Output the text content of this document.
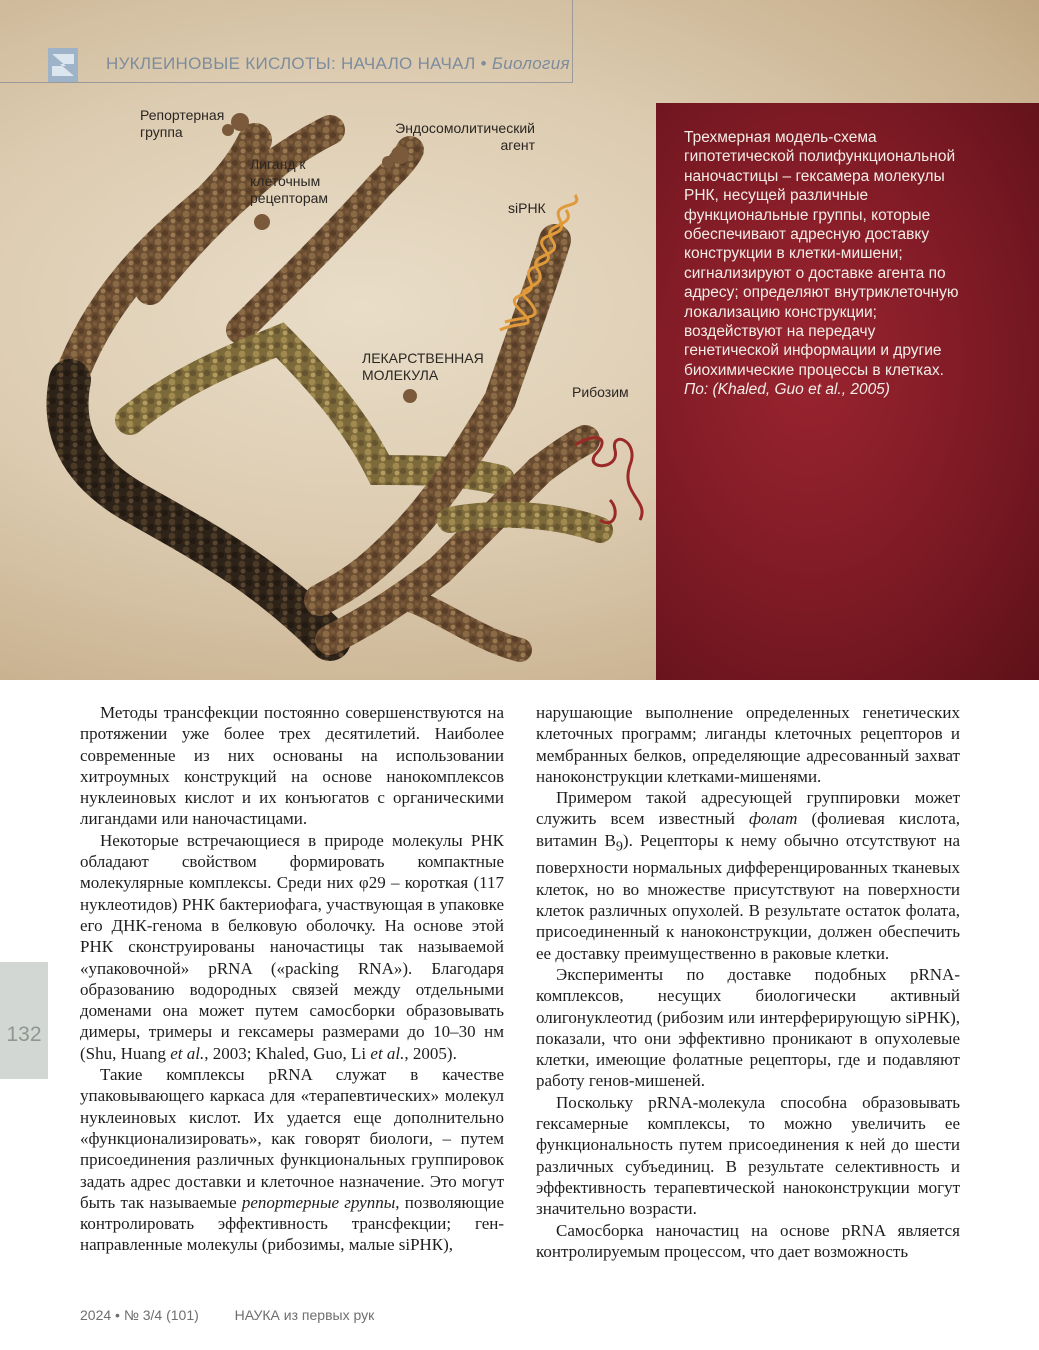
НУКЛЕИНОВЫЕ КИСЛОТЫ: НАЧАЛО НАЧАЛ • Биология
Репортерная группа
Лиганд к клеточным рецепторам
Эндосомолитический агент
siРНК
ЛЕКАРСТВЕННАЯ МОЛЕКУЛА
Рибозим
Трехмерная модель-схема гипотетической полифункциональной наночастицы – гексамера молекулы РНК, несущей различные функциональные группы, которые обеспечивают адресную доставку конструкции в клетки-мишени; сигнализируют о доставке агента по адресу; определяют внутриклеточную локализацию конструкции; воздействуют на передачу генетической информации и другие биохимические процессы в клетках.
По: (Khaled, Guo et al., 2005)

Методы трансфекции постоянно совершенствуются на протяжении уже более трех десятилетий. Наиболее современные из них основаны на использовании хитроумных конструкций на основе нанокомплексов нуклеиновых кислот и их конъюгатов с органическими лигандами или наночастицами.

Некоторые встречающиеся в природе молекулы РНК обладают свойством формировать компактные молекулярные комплексы. Среди них φ29 – короткая (117 нуклеотидов) РНК бактериофага, участвующая в упаковке его ДНК-генома в белковую оболочку. На основе этой РНК сконструированы наночастицы так называемой «упаковочной» pRNA («packing RNA»). Благодаря образованию водородных связей между отдельными доменами она может путем самосборки образовывать димеры, тримеры и гексамеры размерами до 10–30 нм (Shu, Huang et al., 2003; Khaled, Guo, Li et al., 2005).

Такие комплексы pRNA служат в качестве упаковывающего каркаса для «терапевтических» молекул нуклеиновых кислот. Их удается еще дополнительно «функционализировать», как говорят биологи, – путем присоединения различных функциональных группировок задать адрес доставки и клеточное назначение. Это могут быть так называемые репортерные группы, позволяющие контролировать эффективность трансфекции; ген-направленные молекулы (рибозимы, малые siРНК),

нарушающие выполнение определенных генетических клеточных программ; лиганды клеточных рецепторов и мембранных белков, определяющие адресованный захват наноконструкции клетками-мишенями.

Примером такой адресующей группировки может служить всем известный фолат (фолиевая кислота, витамин $B_9$). Рецепторы к нему обычно отсутствуют на поверхности нормальных дифференцированных тканевых клеток, но во множестве присутствуют на поверхности клеток различных опухолей. В результате остаток фолата, присоединенный к наноконструкции, должен обеспечить ее доставку преимущественно в раковые клетки.

Эксперименты по доставке подобных pRNA-комплексов, несущих биологически активный олигонуклеотид (рибозим или интерферирующую siРНК), показали, что они эффективно проникают в опухолевые клетки, имеющие фолатные рецепторы, где и подавляют работу генов-мишеней.

Поскольку pRNA-молекула способна образовывать гексамерные комплексы, то можно увеличить ее функциональность путем присоединения к ней до шести различных субъединиц. В результате селективность и эффективность терапевтической наноконструкции могут значительно возрасти.

Самосборка наночастиц на основе pRNA является контролируемым процессом, что дает возможность

132
2024 • № 3/4 (101)	НАУКА из первых рук
